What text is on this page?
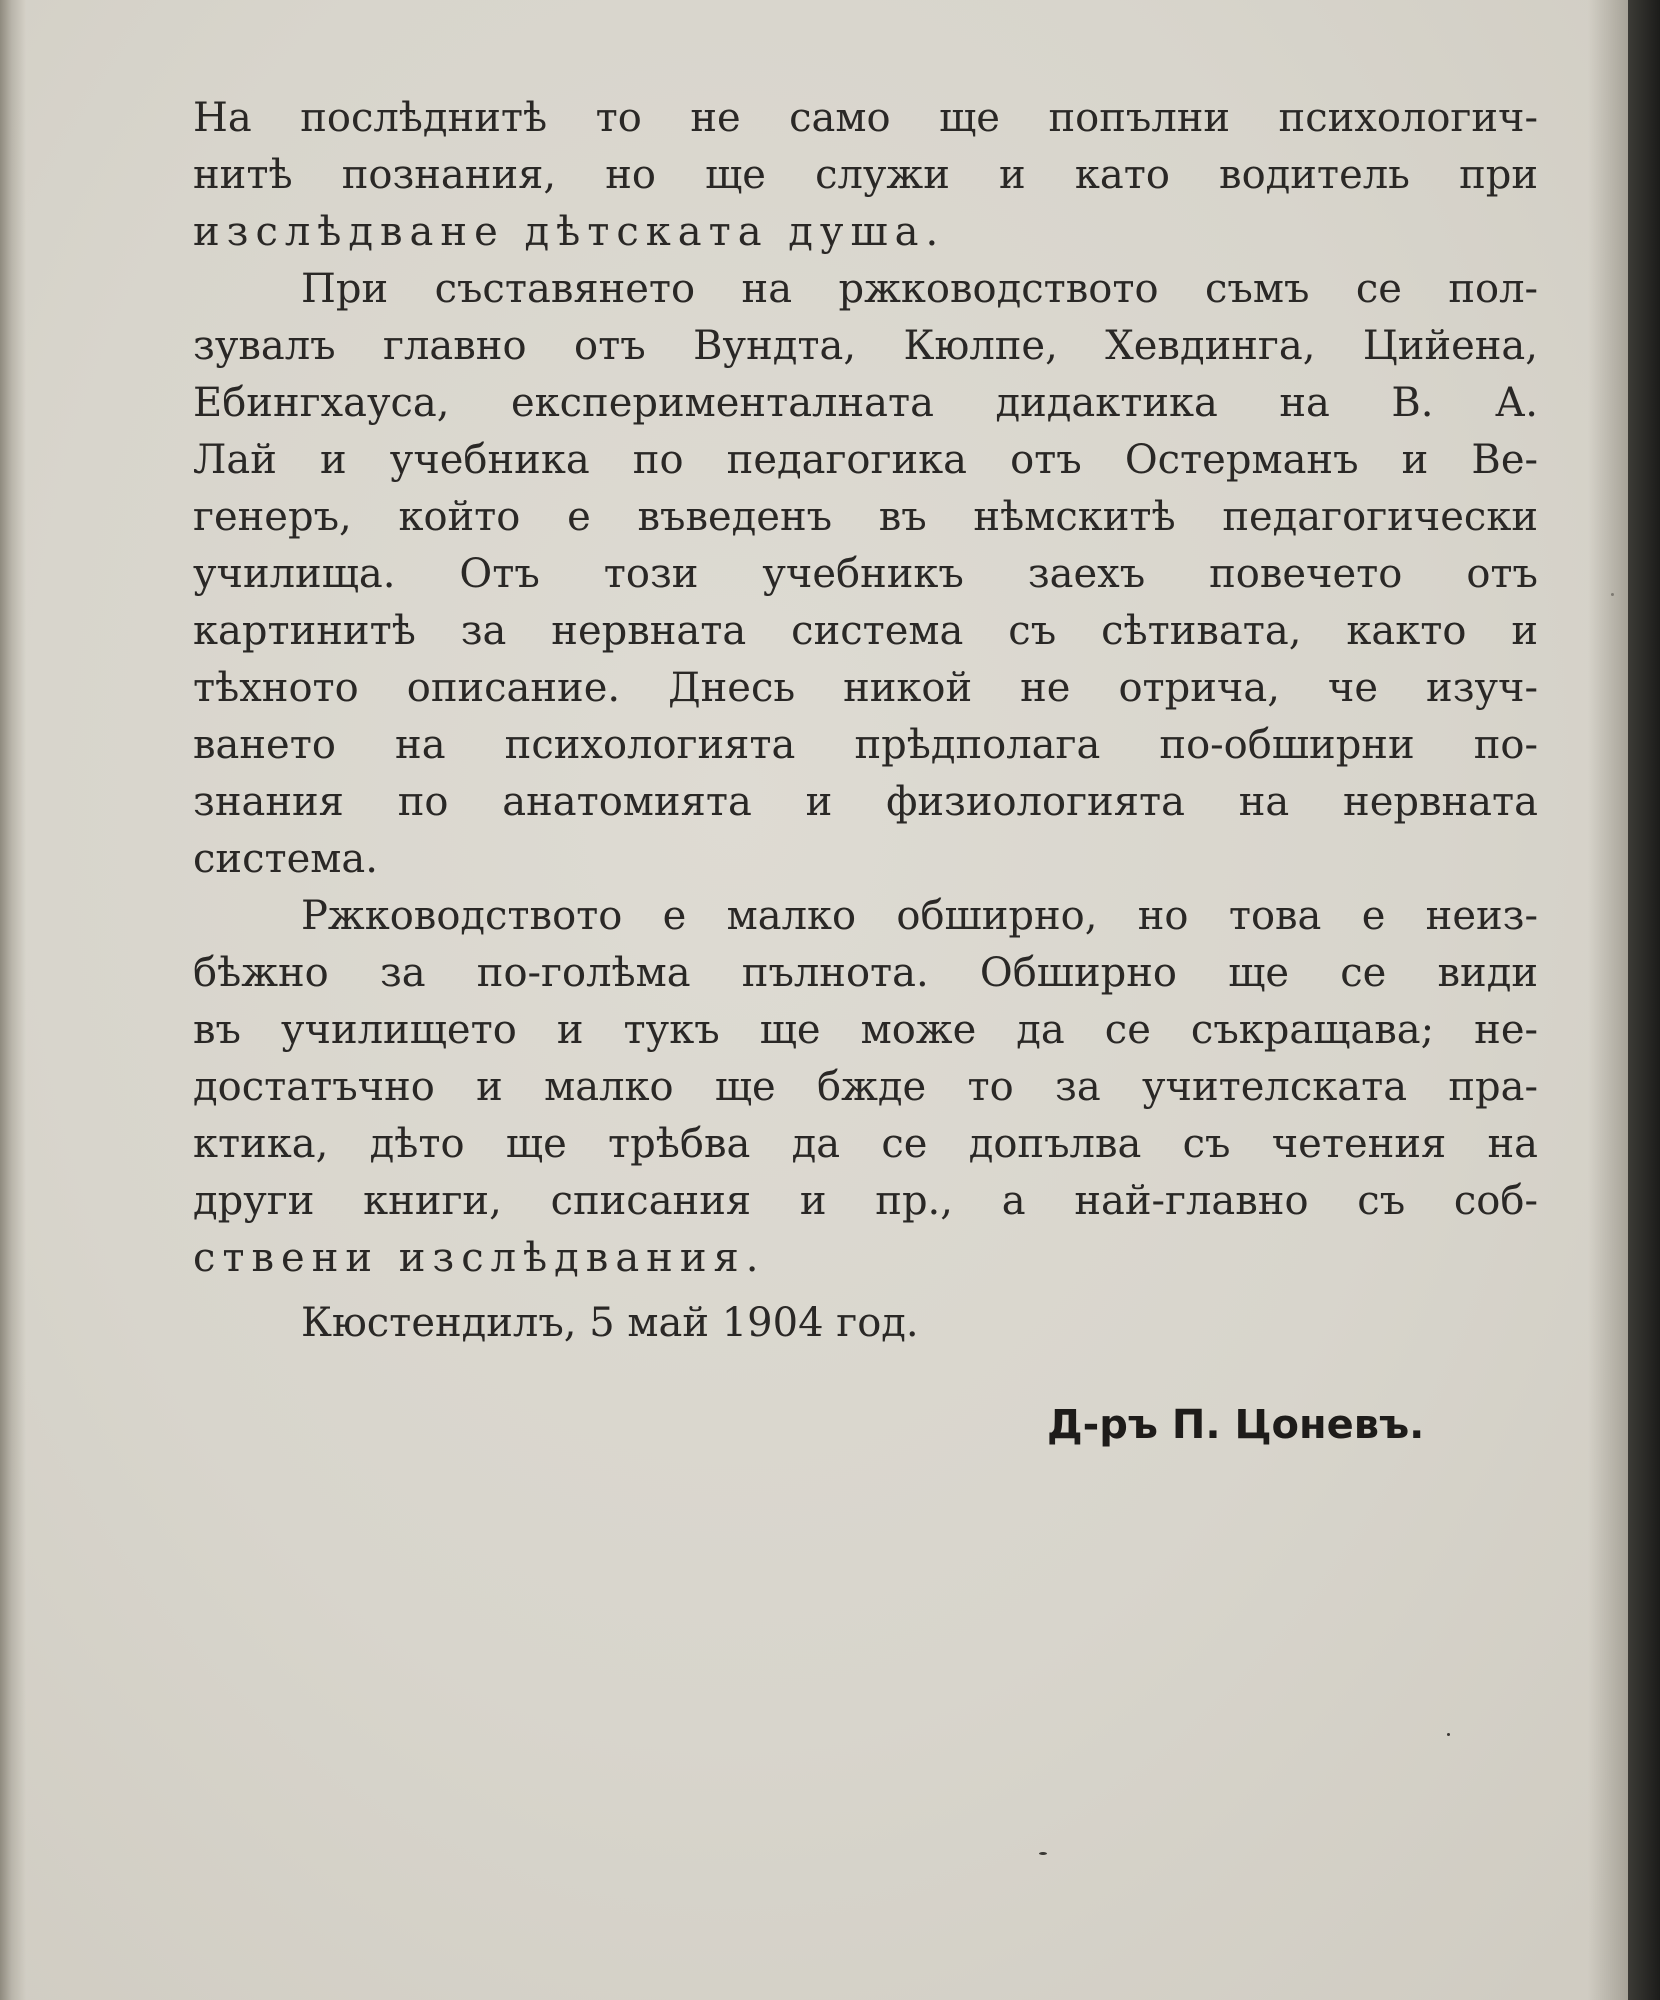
На послѣднитѣ то не само ще попълни психологич-
нитѣ познания, но ще служи и като водитель при
изслѣдване дѣтската душа.
При съставянето на ржководството съмъ се пол-
зувалъ главно отъ Вундта, Кюлпе, Хевдинга, Цийена,
Ебингхауса, експерименталната дидактика на В. А.
Лай и учебника по педагогика отъ Остерманъ и Ве-
генеръ, който е въведенъ въ нѣмскитѣ педагогически
училища. Отъ този учебникъ заехъ повечето отъ
картинитѣ за нервната система съ сѣтивата, както и
тѣхното описание. Днесь никой не отрича, че изуч-
ването на психологията прѣдполага по-обширни по-
знания по анатомията и физиологията на нервната
система.
Ржководството е малко обширно, но това е неиз-
бѣжно за по-голѣма пълнота. Обширно ще се види
въ училището и тукъ ще може да се съкращава; не-
достатъчно и малко ще бжде то за учителската пра-
ктика, дѣто ще трѣбва да се допълва съ четения на
други книги, списания и пр., а най-главно съ соб-
ствени изслѣдвания.
Кюстендилъ, 5 май 1904 год.
Д-ръ П. Цоневъ.
